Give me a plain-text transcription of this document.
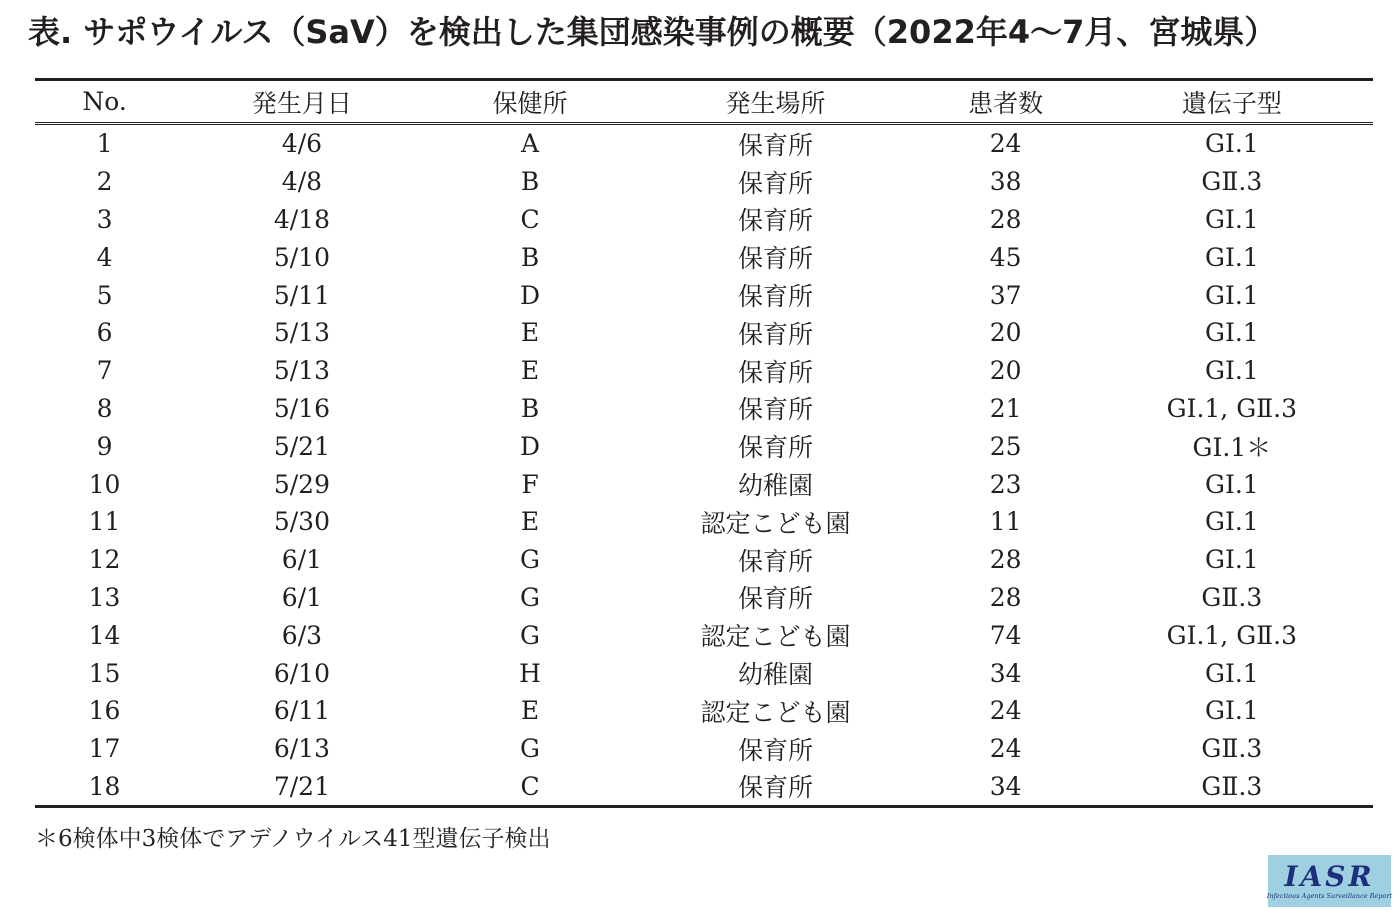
表. サポウイルス（SaV）を検出した集団感染事例の概要（2022年4～7月、宮城県）
No.	発生月日	保健所	発生場所	患者数	遺伝子型
1	4/6	A	保育所	24	GⅠ.1
2	4/8	B	保育所	38	GⅡ.3
3	4/18	C	保育所	28	GⅠ.1
4	5/10	B	保育所	45	GⅠ.1
5	5/11	D	保育所	37	GⅠ.1
6	5/13	E	保育所	20	GⅠ.1
7	5/13	E	保育所	20	GⅠ.1
8	5/16	B	保育所	21	GⅠ.1, GⅡ.3
9	5/21	D	保育所	25	GⅠ.1＊
10	5/29	F	幼稚園	23	GⅠ.1
11	5/30	E	認定こども園	11	GⅠ.1
12	6/1	G	保育所	28	GⅠ.1
13	6/1	G	保育所	28	GⅡ.3
14	6/3	G	認定こども園	74	GⅠ.1, GⅡ.3
15	6/10	H	幼稚園	34	GⅠ.1
16	6/11	E	認定こども園	24	GⅠ.1
17	6/13	G	保育所	24	GⅡ.3
18	7/21	C	保育所	34	GⅡ.3
＊6検体中3検体でアデノウイルス41型遺伝子検出
IASR
Infectious Agents Surveillance Report
